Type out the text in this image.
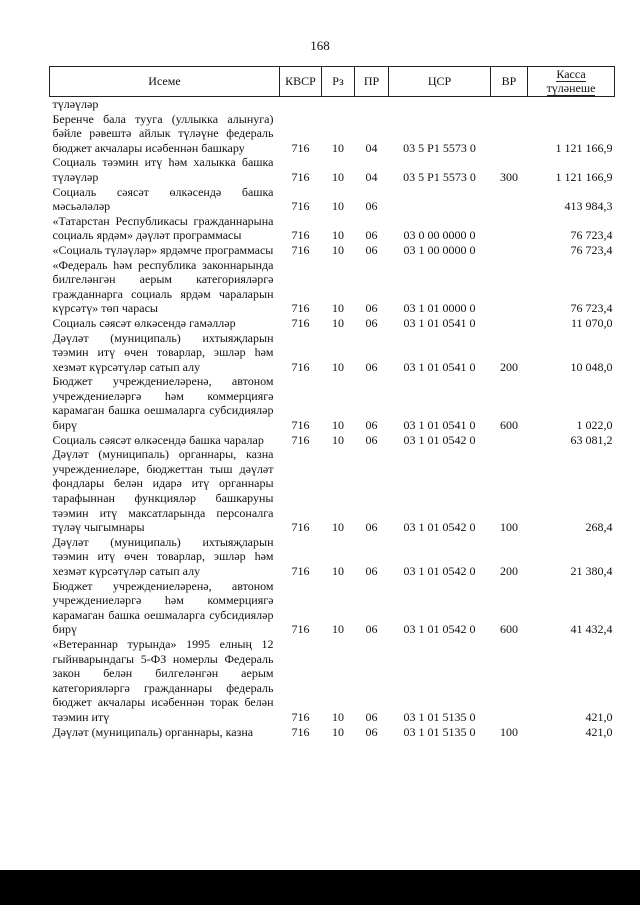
168
Исеме	КВСР	Рз	ПР	ЦСР	ВР	Касса
түләнеше
түләүләр						
Беренче бала туугa (уллыкка алынуга) бәйле рәвештә айлык түләүне федераль бюджет акчалары исәбеннән башкару	716	10	04	03 5 Р1 5573 0		1 121 166,9
Социаль тәэмин итү һәм халыкка башка түләүләр	716	10	04	03 5 Р1 5573 0	300	1 121 166,9
Социаль сәясәт өлкәсендә башка мәсьәләләр	716	10	06			413 984,3
«Татарстан Республикасы гражданнарына социаль ярдәм» дәүләт программасы	716	10	06	03 0 00 0000 0		76 723,4
«Социаль түләүләр» ярдәмче программасы	716	10	06	03 1 00 0000 0		76 723,4
«Федераль һәм республика законнарында билгеләнгән аерым категорияләргә гражданнарга социаль ярдәм чараларын күрсәтү» төп чарасы	716	10	06	03 1 01 0000 0		76 723,4
Социаль сәясәт өлкәсендә гамәлләр	716	10	06	03 1 01 0541 0		11 070,0
Дәүләт (муниципаль) ихтыяҗларын тәэмин итү өчен товарлар, эшләр һәм хезмәт күрсәтүләр сатып алу	716	10	06	03 1 01 0541 0	200	10 048,0
Бюджет учреждениеләренә, автоном учреждениеләргә һәм коммерциягә карамаган башка оешмаларга субсидияләр бирү	716	10	06	03 1 01 0541 0	600	1 022,0
Социаль сәясәт өлкәсендә башка чаралар	716	10	06	03 1 01 0542 0		63 081,2
Дәүләт (муниципаль) органнары, казна учреждениеләре, бюджеттан тыш дәүләт фондлары белән идарә итү органнары тарафыннан функцияләр башкаруны тәэмин итү максатларында персоналга түләү чыгымнары	716	10	06	03 1 01 0542 0	100	268,4
Дәүләт (муниципаль) ихтыяҗларын тәэмин итү өчен товарлар, эшләр һәм хезмәт күрсәтүләр сатып алу	716	10	06	03 1 01 0542 0	200	21 380,4
Бюджет учреждениеләренә, автоном учреждениеләргә һәм коммерциягә карамаган башка оешмаларга субсидияләр бирү	716	10	06	03 1 01 0542 0	600	41 432,4
«Ветераннар турында» 1995 елның 12 гыйнварындагы 5-ФЗ номерлы Федераль закон белән билгеләнгән аерым категорияләргә гражданнары федераль бюджет акчалары исәбеннән торак белән тәэмин итү	716	10	06	03 1 01 5135 0		421,0
Дәүләт (муниципаль) органнары, казна	716	10	06	03 1 01 5135 0	100	421,0
